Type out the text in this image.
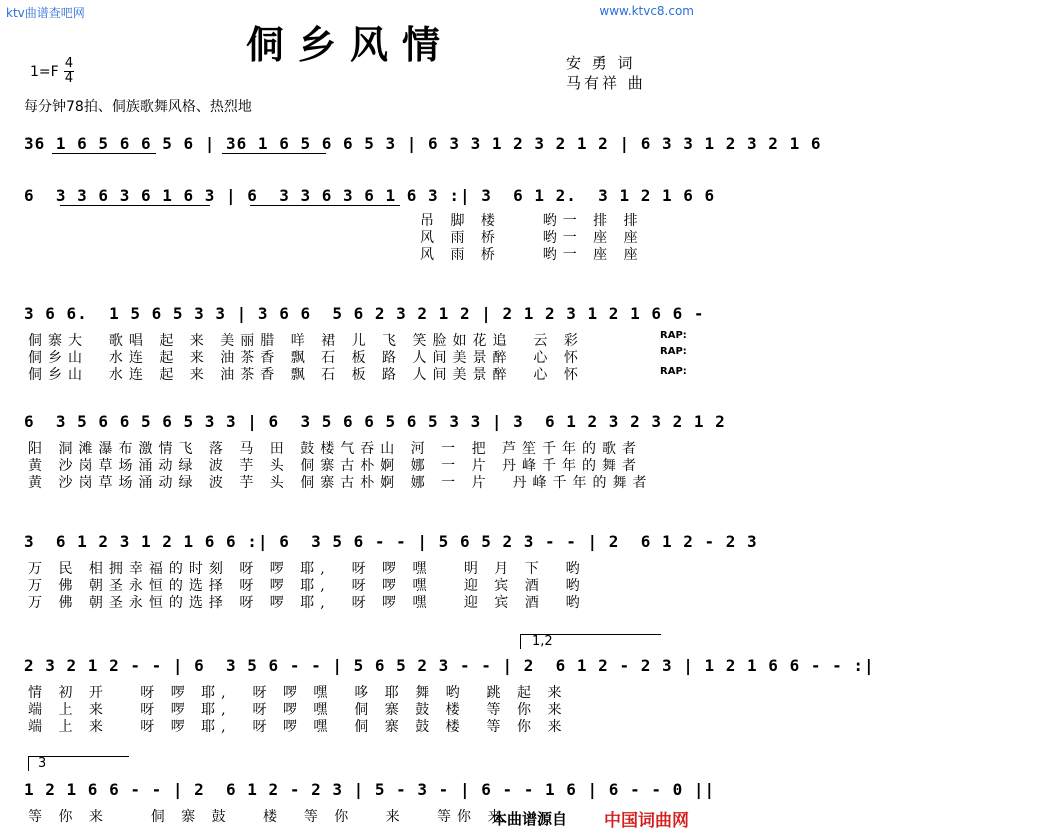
ktv曲谱查吧网	www.ktvc8.com
侗乡风情	安 勇 词
马有祥 曲
1=F
4
4
每分钟78拍、侗族歌舞风格、热烈地
36 1 6 5 6 6 5 6 | 36 1 6 5 6 6 5 3 | 6 3 3 1 2 3 2 1 2 | 6 3 3 1 2 3 2 1 6
6  3 3 6 3 6 1 6 3 | 6  3 3 6 3 6 1 6 3 :| 3  6 1 2.  3 1 2 1 6 6
吊 脚 楼    哟一 排 排
风 雨 桥    哟一 座 座
风 雨 桥    哟一 座 座
3 6 6.  1 5 6 5 3 3 | 3 6 6  5 6 2 3 2 1 2 | 2 1 2 3 1 2 1 6 6 -
侗寨大  歌唱 起 来 美丽腊 咩 裙 儿 飞 笑脸如花追  云 彩
侗乡山  水连 起 来 油茶香 飘 石 板 路 人间美景醉  心 怀
侗乡山  水连 起 来 油茶香 飘 石 板 路 人间美景醉  心 怀
RAP:
RAP:
RAP:
6  3 5 6 6 5 6 5 3 3 | 6  3 5 6 6 5 6 5 3 3 | 3  6 1 2 3 2 3 2 1 2
阳 洞滩瀑布激情飞 落 马 田 鼓楼气吞山 河 一 把 芦笙千年的歌者
黄 沙岗草场涌动绿 波 芋 头 侗寨古朴婀 娜 一 片 丹峰千年的舞者
黄 沙岗草场涌动绿 波 芋 头 侗寨古朴婀 娜 一 片  丹峰千年的舞者
3  6 1 2 3 1 2 1 6 6 :| 6  3 5 6 - - | 5 6 5 2 3 - - | 2  6 1 2 - 2 3
万 民 相拥幸福的时刻 呀 啰 耶,  呀 啰 嘿   明 月 下  哟
万 佛 朝圣永恒的选择 呀 啰 耶,  呀 啰 嘿   迎 宾 酒  哟
万 佛 朝圣永恒的选择 呀 啰 耶,  呀 啰 嘿   迎 宾 酒  哟
1,2
2 3 2 1 2 - - | 6  3 5 6 - - | 5 6 5 2 3 - - | 2  6 1 2 - 2 3 | 1 2 1 6 6 - - :|
情 初 开   呀 啰 耶,  呀 啰 嘿  哆 耶 舞 哟  跳 起 来
端 上 来   呀 啰 耶,  呀 啰 嘿  侗 寨 鼓 楼  等 你 来
端 上 来   呀 啰 耶,  呀 啰 嘿  侗 寨 鼓 楼  等 你 来
3
1 2 1 6 6 - - | 2  6 1 2 - 2 3 | 5 - 3 - | 6 - - 1 6 | 6 - - 0 ||
等 你 来    侗 寨 鼓   楼  等 你   来   等你 来
本曲谱源自 中国词曲网
